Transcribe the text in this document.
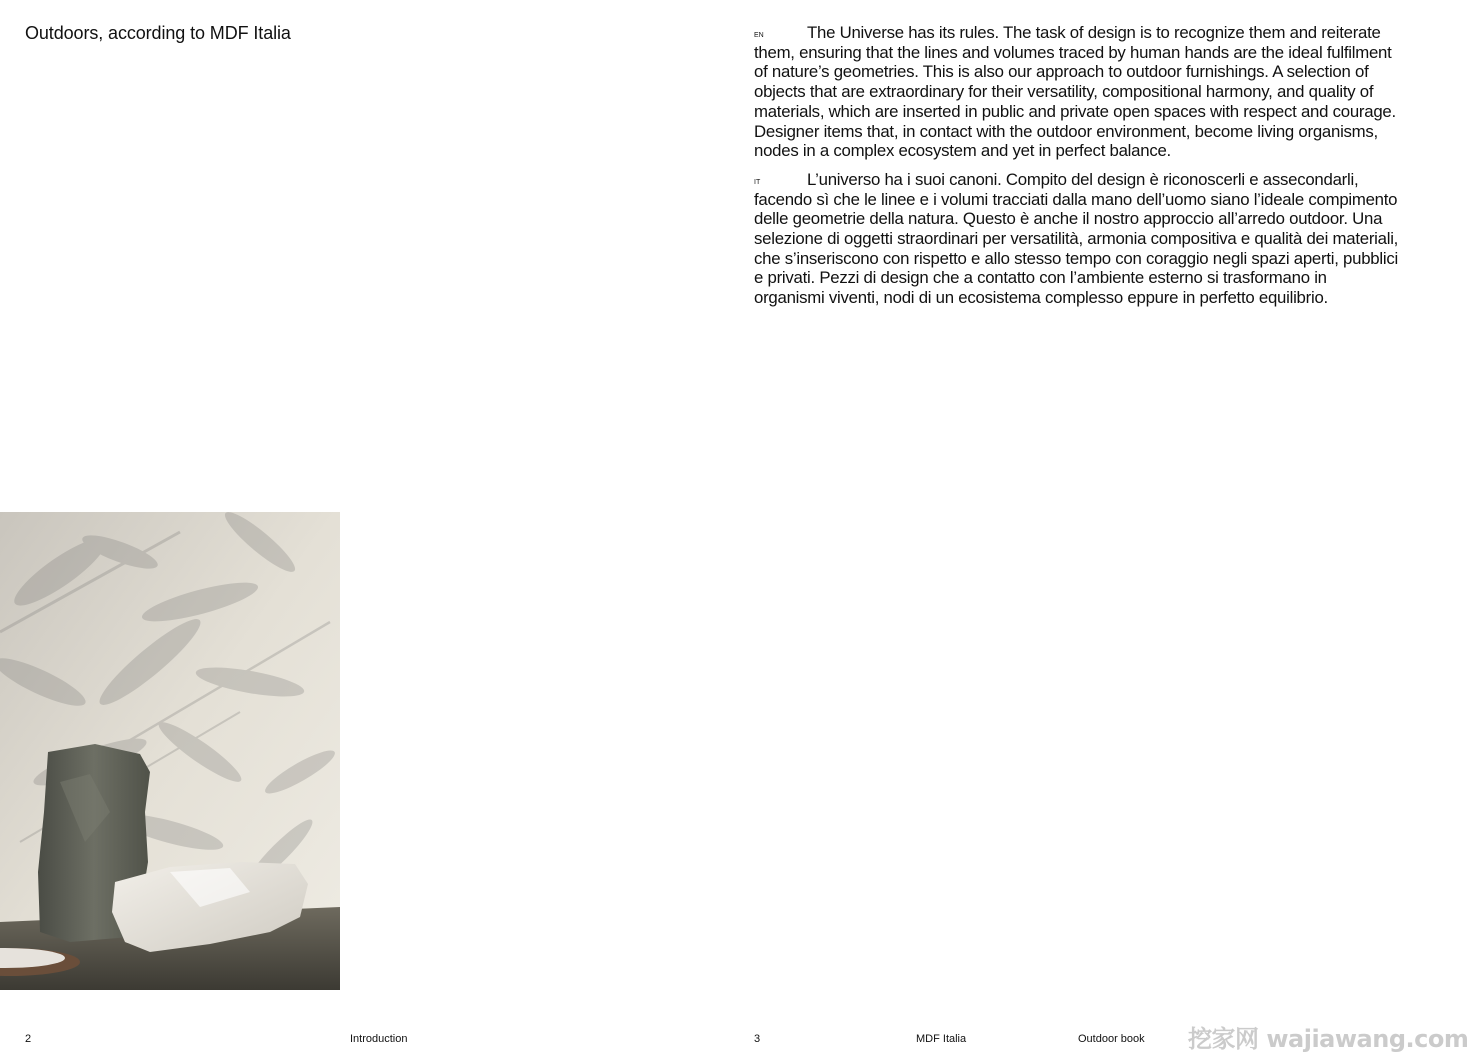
Outdoors, according to MDF Italia	EN	The Universe has its rules. The task of design is to recognize them and reiterate them, ensuring that the lines and volumes traced by human hands are the ideal fulfilment of nature’s geometries. This is also our approach to outdoor furnishings. A selection of objects that are extraordinary for their versatility, compositional harmony, and quality of materials, which are inserted in public and private open spaces with respect and courage. Designer items that, in contact with the outdoor environment, become living organisms, nodes in a complex ecosystem and yet in perfect balance.

IT	L’universo ha i suoi canoni. Compito del design è riconoscerli e assecondarli, facendo sì che le linee e i volumi tracciati dalla mano dell’uomo siano l’ideale compimento delle geometrie della natura. Questo è anche il nostro approccio all’arredo outdoor. Una selezione di oggetti straordinari per versatilità, armonia compositiva e qualità dei materiali, che s’inseriscono con rispetto e allo stesso tempo con coraggio negli spazi aperti, pubblici e privati. Pezzi di design che a contatto con l’ambiente esterno si trasformano in organismi viventi, nodi di un ecosistema complesso eppure in perfetto equilibrio.

2	Introduction	3	MDF Italia	Outdoor book 挖家网 wajiawang.com
